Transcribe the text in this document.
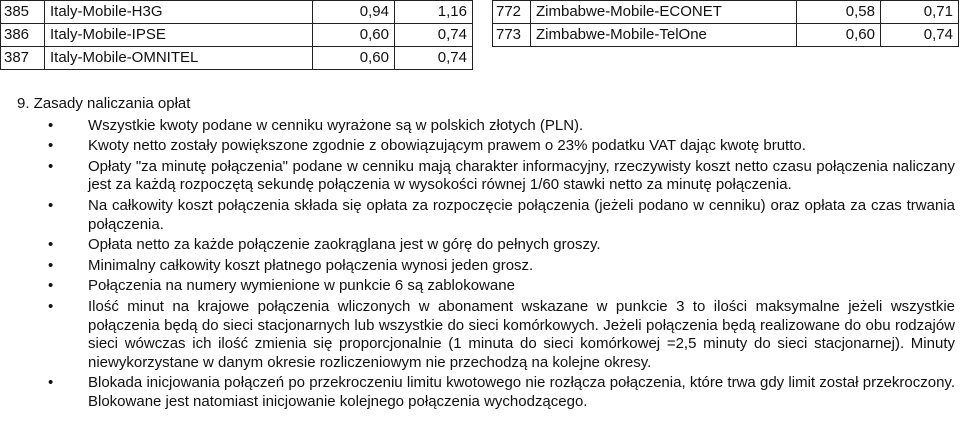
385	Italy-Mobile-H3G	0,94	1,16
386	Italy-Mobile-IPSE	0,60	0,74
387	Italy-Mobile-OMNITEL	0,60	0,74
772	Zimbabwe-Mobile-ECONET	0,58	0,71
773	Zimbabwe-Mobile-TelOne	0,60	0,74
9. Zasady naliczania opłat
• Wszystkie kwoty podane w cenniku wyrażone są w polskich złotych (PLN).
• Kwoty netto zostały powiększone zgodnie z obowiązującym prawem o 23% podatku VAT dając kwotę brutto.
• Opłaty "za minutę połączenia" podane w cenniku mają charakter informacyjny, rzeczywisty koszt netto czasu połączenia naliczany jest za każdą rozpoczętą sekundę połączenia w wysokości równej 1/60 stawki netto za minutę połączenia.
• Na całkowity koszt połączenia składa się opłata za rozpoczęcie połączenia (jeżeli podano w cenniku) oraz opłata za czas trwania połączenia.
• Opłata netto za każde połączenie zaokrąglana jest w górę do pełnych groszy.
• Minimalny całkowity koszt płatnego połączenia wynosi jeden grosz.
• Połączenia na numery wymienione w punkcie 6 są zablokowane
• Ilość minut na krajowe połączenia wliczonych w abonament wskazane w punkcie 3 to ilości maksymalne jeżeli wszystkie połączenia będą do sieci stacjonarnych lub wszystkie do sieci komórkowych. Jeżeli połączenia będą realizowane do obu rodzajów sieci wówczas ich ilość zmienia się proporcjonalnie (1 minuta do sieci komórkowej =2,5 minuty do sieci stacjonarnej). Minuty niewykorzystane w danym okresie rozliczeniowym nie przechodzą na kolejne okresy.
• Blokada inicjowania połączeń po przekroczeniu limitu kwotowego nie rozłącza połączenia, które trwa gdy limit został przekroczony. Blokowane jest natomiast inicjowanie kolejnego połączenia wychodzącego.
